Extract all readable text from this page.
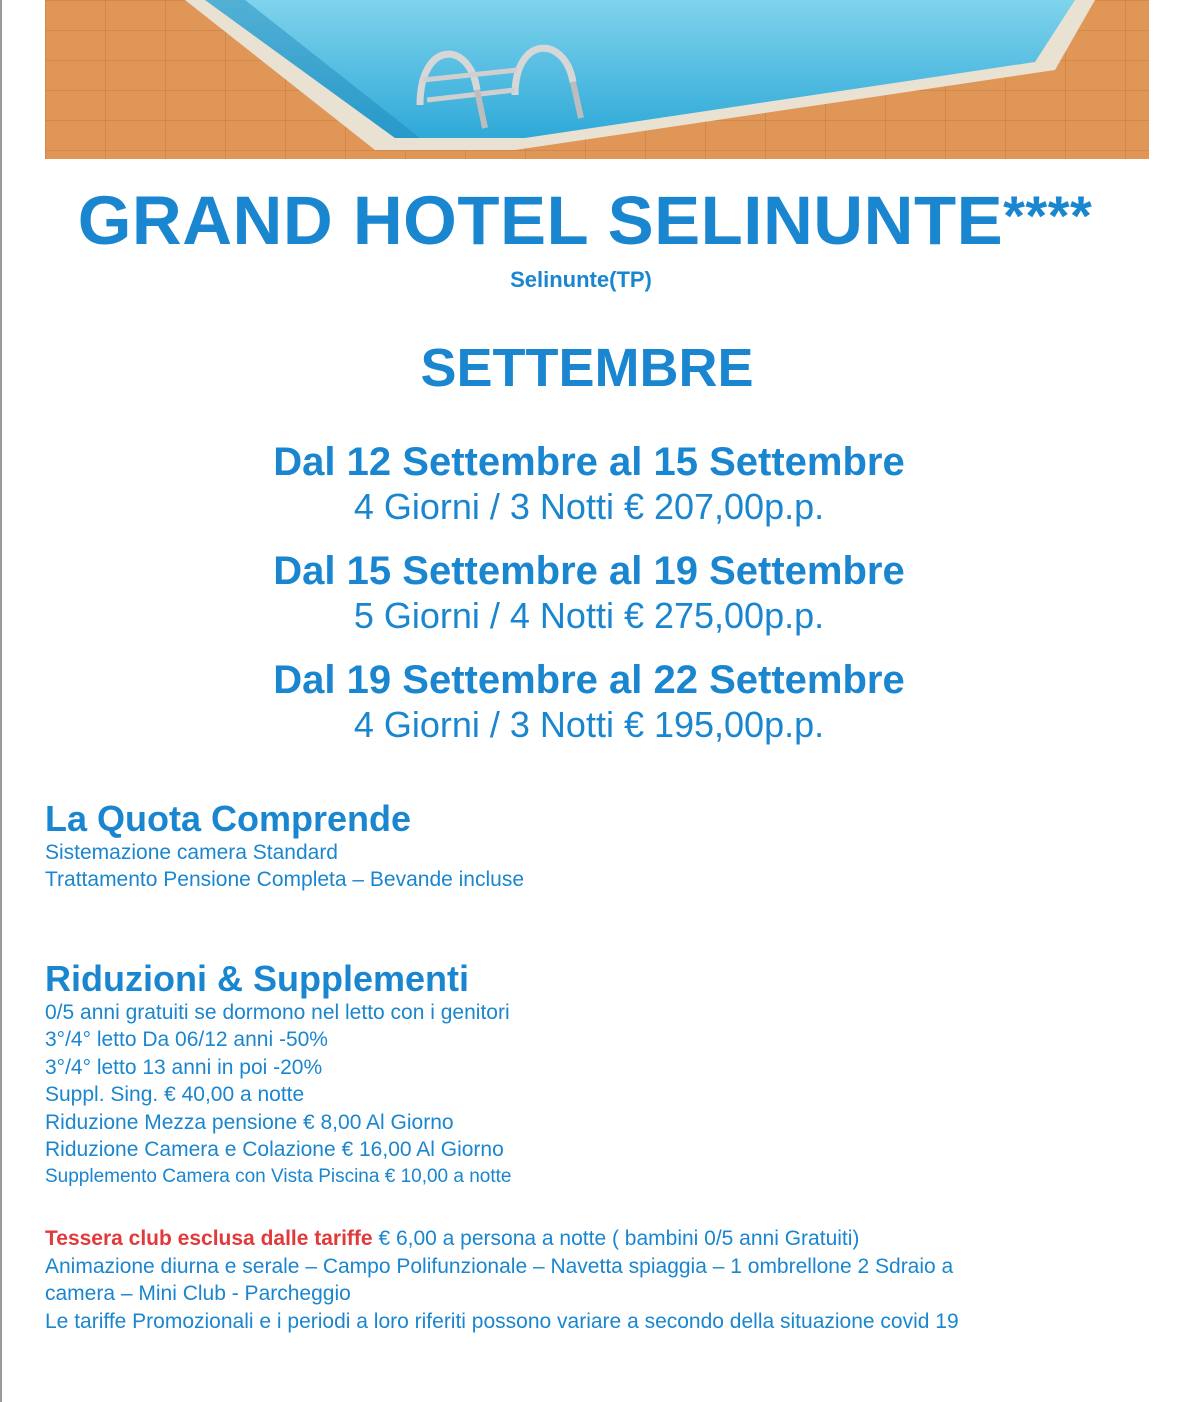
GRAND HOTEL SELINUNTE****
Selinunte(TP)
SETTEMBRE
Dal 12 Settembre al 15 Settembre
4 Giorni / 3 Notti € 207,00p.p.
Dal 15 Settembre al 19 Settembre
5 Giorni / 4 Notti € 275,00p.p.
Dal 19 Settembre al 22 Settembre
4 Giorni / 3 Notti € 195,00p.p.
La Quota Comprende
Sistemazione camera Standard
Trattamento Pensione Completa – Bevande incluse
Riduzioni & Supplementi
0/5 anni gratuiti se dormono nel letto con i genitori
3°/4° letto Da 06/12 anni -50%
3°/4° letto 13 anni in poi -20%
Suppl. Sing. € 40,00 a notte
Riduzione Mezza pensione € 8,00 Al Giorno
Riduzione Camera e Colazione € 16,00 Al Giorno
Supplemento Camera con Vista Piscina € 10,00 a notte
Tessera club esclusa dalle tariffe € 6,00 a persona a notte ( bambini 0/5 anni Gratuiti)
Animazione diurna e serale – Campo Polifunzionale – Navetta spiaggia – 1 ombrellone 2 Sdraio a
camera – Mini Club - Parcheggio
Le tariffe Promozionali e i periodi a loro riferiti possono variare a secondo della situazione covid 19
